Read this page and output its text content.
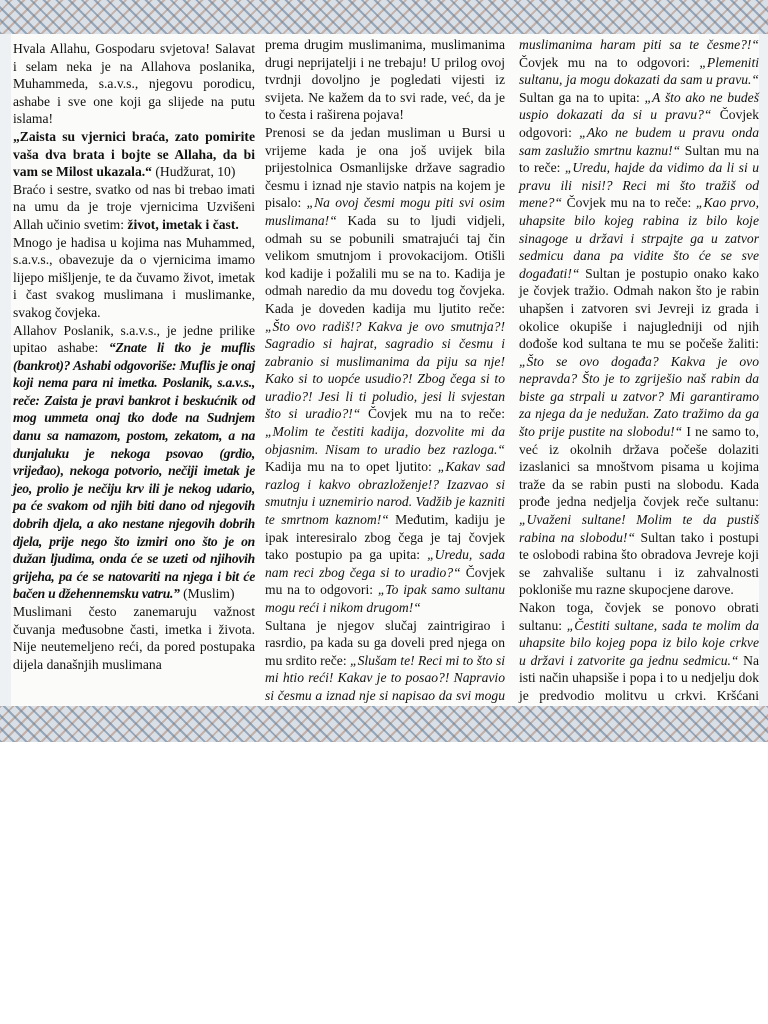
Hvala Allahu, Gospodaru svjetova! Salavat i selam neka je na Allahova poslanika, Muhammeda, s.a.v.s., njegovu porodicu, ashabe i sve one koji ga slijede na putu islama!

„Zaista su vjernici braća, zato pomirite vaša dva brata i bojte se Allaha, da bi vam se Milost ukazala.“ (Hudžurat, 10)

Braćo i sestre, svatko od nas bi trebao imati na umu da je troje vjernicima Uzvišeni Allah učinio svetim: život, imetak i čast.

Mnogo je hadisa u kojima nas Muhammed, s.a.v.s., obavezuje da o vjernicima imamo lijepo mišljenje, te da čuvamo život, imetak i čast svakog muslimana i muslimanke, svakog čovjeka.

Allahov Poslanik, s.a.v.s., je jedne prilike upitao ashabe: “Znate li tko je muflis (bankrot)? Ashabi odgovoriše: Muflis je onaj koji nema para ni imetka. Poslanik, s.a.v.s., reče: Zaista je pravi bankrot i beskućnik od mog ummeta onaj tko dođe na Sudnjem danu sa namazom, postom, zekatom, a na dunjaluku je nekoga psovao (grdio, vrijeđao), nekoga potvorio, nečiji imetak je jeo, prolio je nečiju krv ili je nekog udario, pa će svakom od njih biti dano od njegovih dobrih djela, a ako nestane njegovih dobrih djela, prije nego što izmiri ono što je on dužan ljudima, onda će se uzeti od njihovih grijeha, pa će se natovariti na njega i bit će bačen u džehennemsku vatru.” (Muslim)

Muslimani često zanemaruju važnost čuvanja međusobne časti, imetka i života. Nije neutemeljeno reći, da pored postupaka dijela današnjih muslimana

prema drugim muslimanima, muslimanima drugi neprijatelji i ne trebaju! U prilog ovoj tvrdnji dovoljno je pogledati vijesti iz svijeta. Ne kažem da to svi rade, već, da je to česta i raširena pojava!

Prenosi se da jedan musliman u Bursi u vrijeme kada je ona još uvijek bila prijestolnica Osmanlijske države sagradio česmu i iznad nje stavio natpis na kojem je pisalo: „Na ovoj česmi mogu piti svi osim muslimana!“ Kada su to ljudi vidjeli, odmah su se pobunili smatrajući taj čin velikom smutnjom i provokacijom. Otišli kod kadije i požalili mu se na to. Kadija je odmah naredio da mu dovedu tog čovjeka. Kada je doveden kadija mu ljutito reče: „Što ovo radiš!? Kakva je ovo smutnja?! Sagradio si hajrat, sagradio si česmu i zabranio si muslimanima da piju sa nje! Kako si to uopće usudio?! Zbog čega si to uradio?! Jesi li ti poludio, jesi li svjestan što si uradio?!“ Čovjek mu na to reče: „Molim te čestiti kadija, dozvolite mi da objasnim. Nisam to uradio bez razloga.“ Kadija mu na to opet ljutito: „Kakav sad razlog i kakvo obrazloženje!? Izazvao si smutnju i uznemirio narod. Vadžib je kazniti te smrtnom kaznom!“ Međutim, kadiju je ipak interesiralo zbog čega je taj čovjek tako postupio pa ga upita: „Uredu, sada nam reci zbog čega si to uradio?“ Čovjek mu na to odgovori: „To ipak samo sultanu mogu reći i nikom drugom!“

Sultana je njegov slučaj zaintrigirao i rasrdio, pa kada su ga doveli pred njega on mu srdito reče: „Slušam te! Reci mi to što si mi htio reći! Kakav je to posao?! Napravio si česmu a iznad nje si napisao da svi mogu

muslimanima haram piti sa te česme?!“ Čovjek mu na to odgovori: „Plemeniti sultanu, ja mogu dokazati da sam u pravu.“ Sultan ga na to upita: „A što ako ne budeš uspio dokazati da si u pravu?“ Čovjek odgovori: „Ako ne budem u pravu onda sam zaslužio smrtnu kaznu!“ Sultan mu na to reče: „Uredu, hajde da vidimo da li si u pravu ili nisi!? Reci mi što tražiš od mene?“ Čovjek mu na to reče: „Kao prvo, uhapsite bilo kojeg rabina iz bilo koje sinagoge u državi i strpajte ga u zatvor sedmicu dana pa vidite što će se sve događati!“ Sultan je postupio onako kako je čovjek tražio. Odmah nakon što je rabin uhapšen i zatvoren svi Jevreji iz grada i okolice okupiše i najugledniji od njih dođoše kod sultana te mu se počeše žaliti: „Što se ovo događa? Kakva je ovo nepravda? Što je to zgriješio naš rabin da biste ga strpali u zatvor? Mi garantiramo za njega da je nedužan. Zato tražimo da ga što prije pustite na slobodu!“ I ne samo to, već iz okolnih država počeše dolaziti izaslanici sa mnoštvom pisama u kojima traže da se rabin pusti na slobodu. Kada prođe jedna nedjelja čovjek reče sultanu: „Uvaženi sultane! Molim te da pustiš rabina na slobodu!“ Sultan tako i postupi te oslobodi rabina što obradova Jevreje koji se zahvališe sultanu i iz zahvalnosti pokloniše mu razne skupocjene darove.

Nakon toga, čovjek se ponovo obrati sultanu: „Čestiti sultane, sada te molim da uhapsite bilo kojeg popa iz bilo koje crkve u državi i zatvorite ga jednu sedmicu.“ Na isti način uhapsiše i popa i to u nedjelju dok je predvodio molitvu u crkvi. Kršćani
